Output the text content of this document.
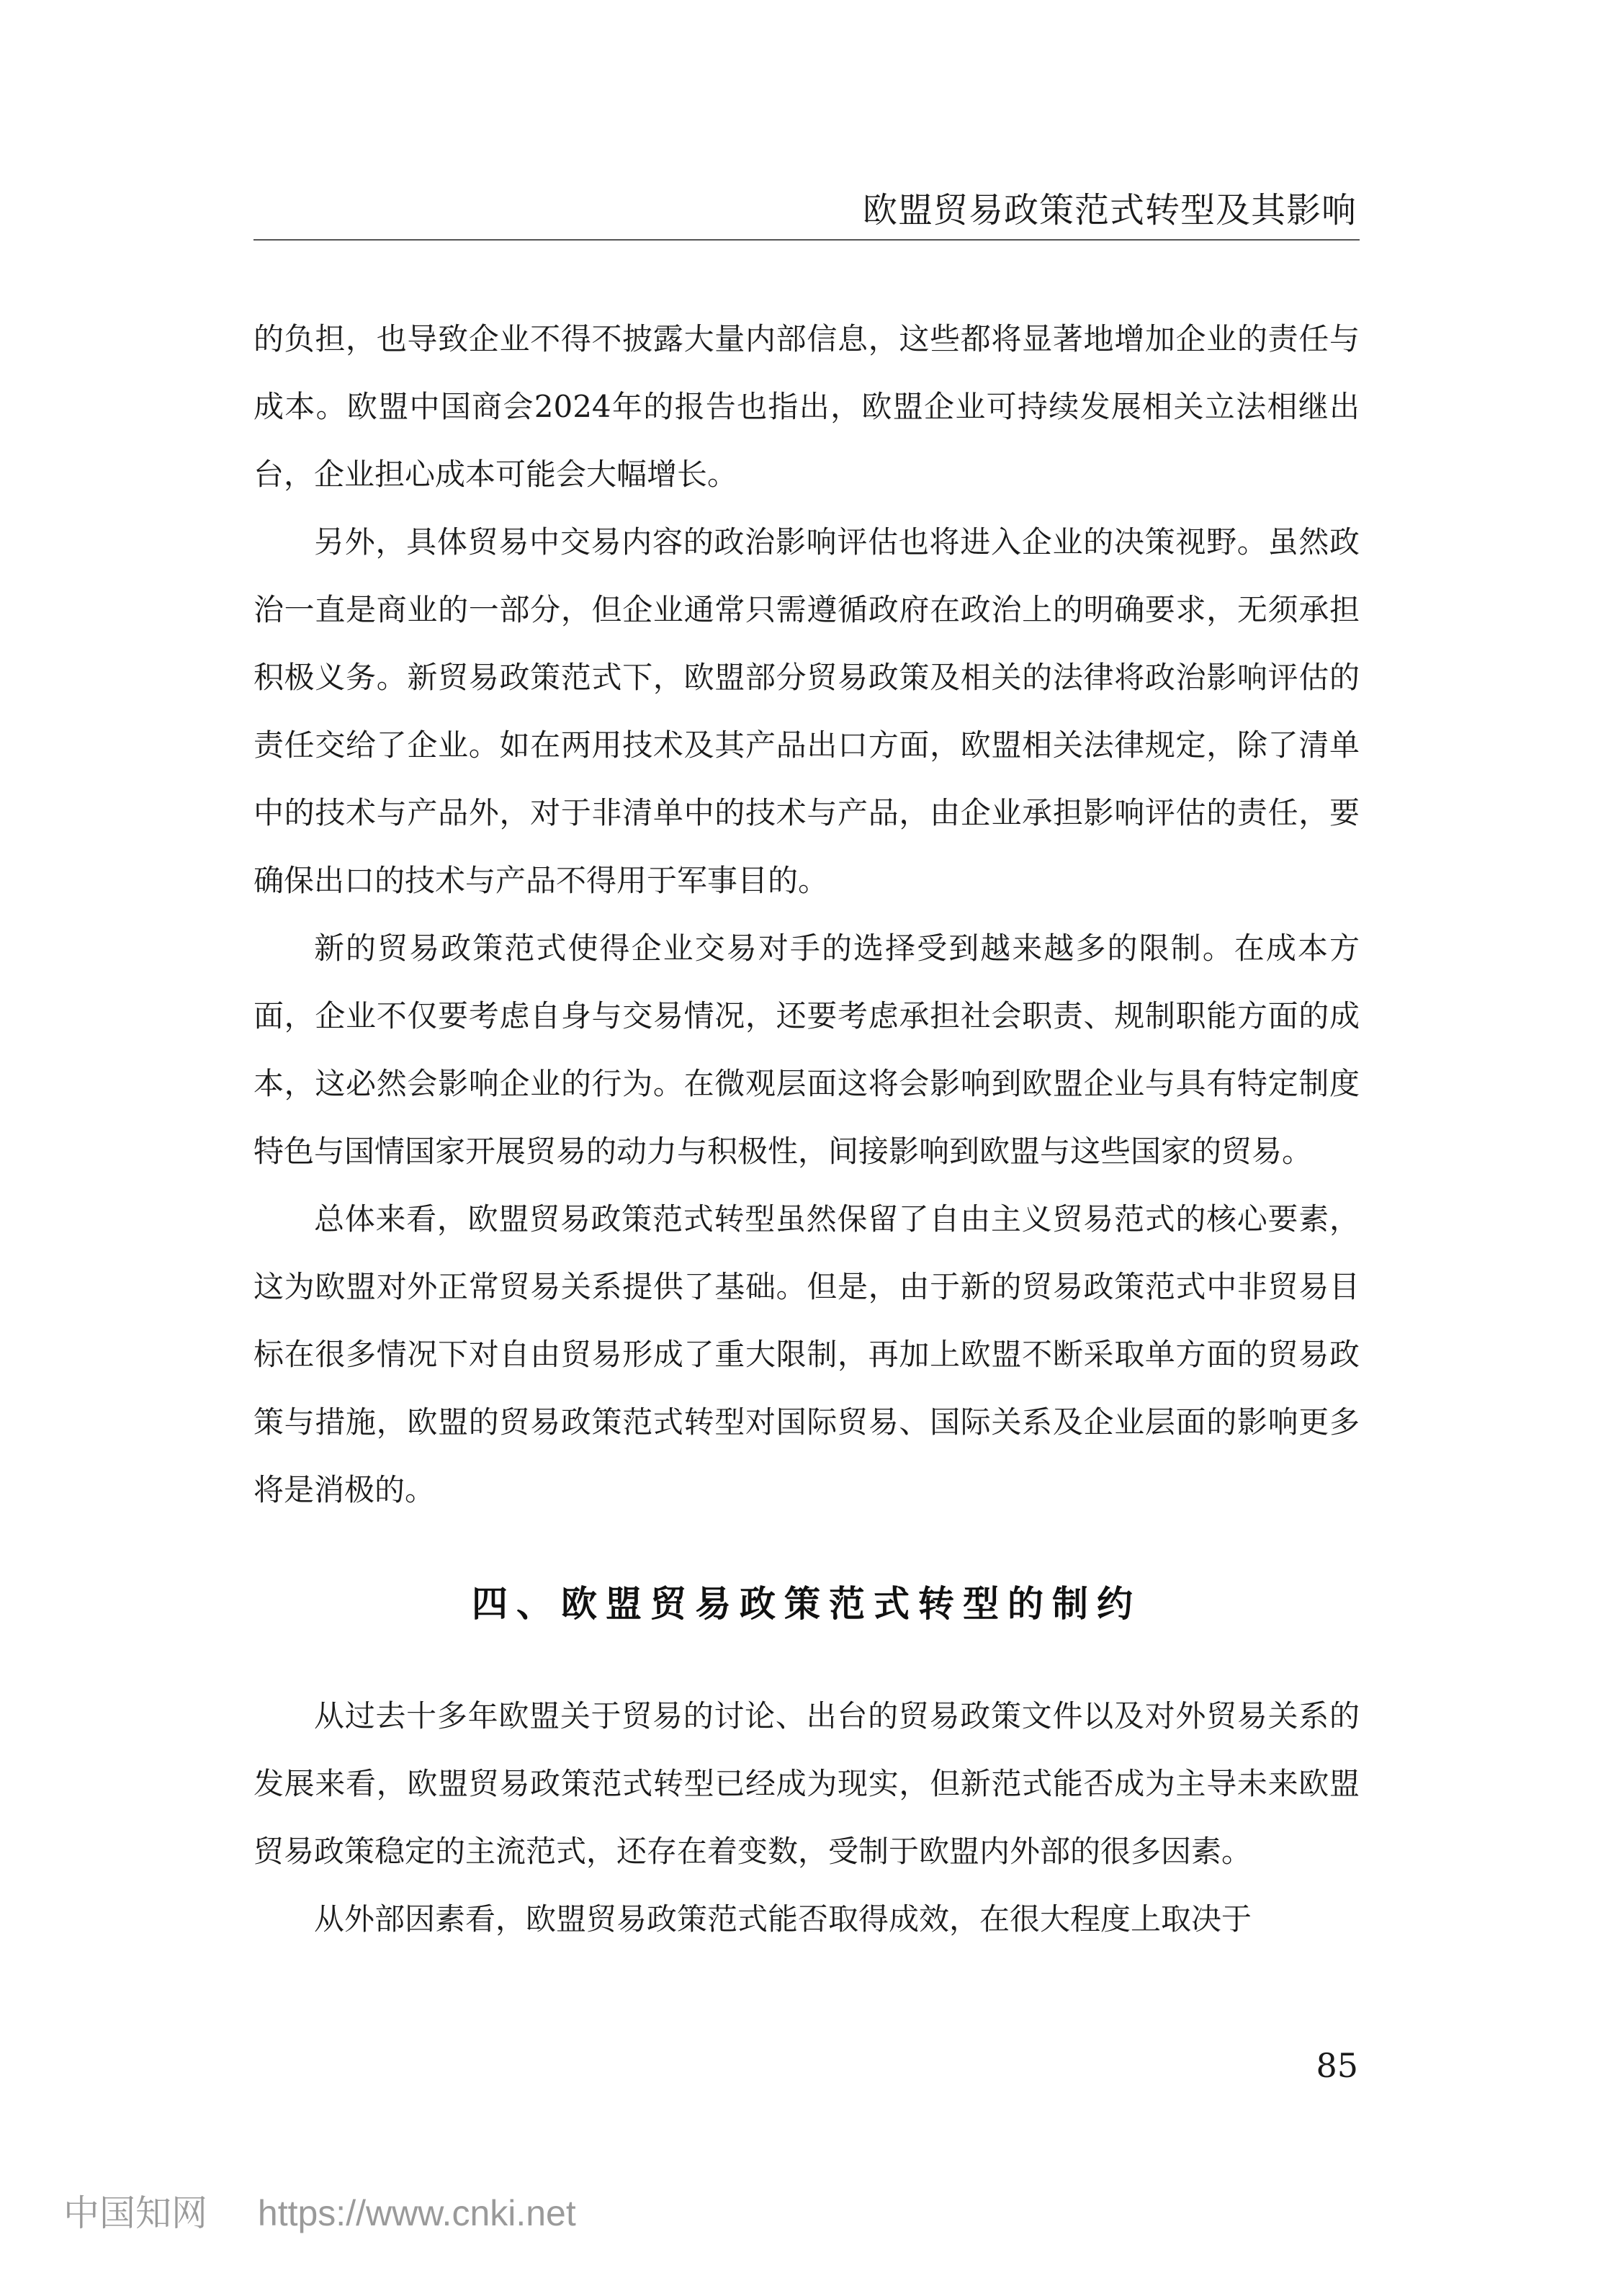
欧盟贸易政策范式转型及其影响

的负担，也导致企业不得不披露大量内部信息，这些都将显著地增加企业的责任与成本。欧盟中国商会2024年的报告也指出，欧盟企业可持续发展相关立法相继出台，企业担心成本可能会大幅增长。

另外，具体贸易中交易内容的政治影响评估也将进入企业的决策视野。虽然政治一直是商业的一部分，但企业通常只需遵循政府在政治上的明确要求，无须承担积极义务。新贸易政策范式下，欧盟部分贸易政策及相关的法律将政治影响评估的责任交给了企业。如在两用技术及其产品出口方面，欧盟相关法律规定，除了清单中的技术与产品外，对于非清单中的技术与产品，由企业承担影响评估的责任，要确保出口的技术与产品不得用于军事目的。

新的贸易政策范式使得企业交易对手的选择受到越来越多的限制。在成本方面，企业不仅要考虑自身与交易情况，还要考虑承担社会职责、规制职能方面的成本，这必然会影响企业的行为。在微观层面这将会影响到欧盟企业与具有特定制度特色与国情国家开展贸易的动力与积极性，间接影响到欧盟与这些国家的贸易。

总体来看，欧盟贸易政策范式转型虽然保留了自由主义贸易范式的核心要素，这为欧盟对外正常贸易关系提供了基础。但是，由于新的贸易政策范式中非贸易目标在很多情况下对自由贸易形成了重大限制，再加上欧盟不断采取单方面的贸易政策与措施，欧盟的贸易政策范式转型对国际贸易、国际关系及企业层面的影响更多将是消极的。

四、欧盟贸易政策范式转型的制约

从过去十多年欧盟关于贸易的讨论、出台的贸易政策文件以及对外贸易关系的发展来看，欧盟贸易政策范式转型已经成为现实，但新范式能否成为主导未来欧盟贸易政策稳定的主流范式，还存在着变数，受制于欧盟内外部的很多因素。

从外部因素看，欧盟贸易政策范式能否取得成效，在很大程度上取决于

85
中国知网 https://www.cnki.net
